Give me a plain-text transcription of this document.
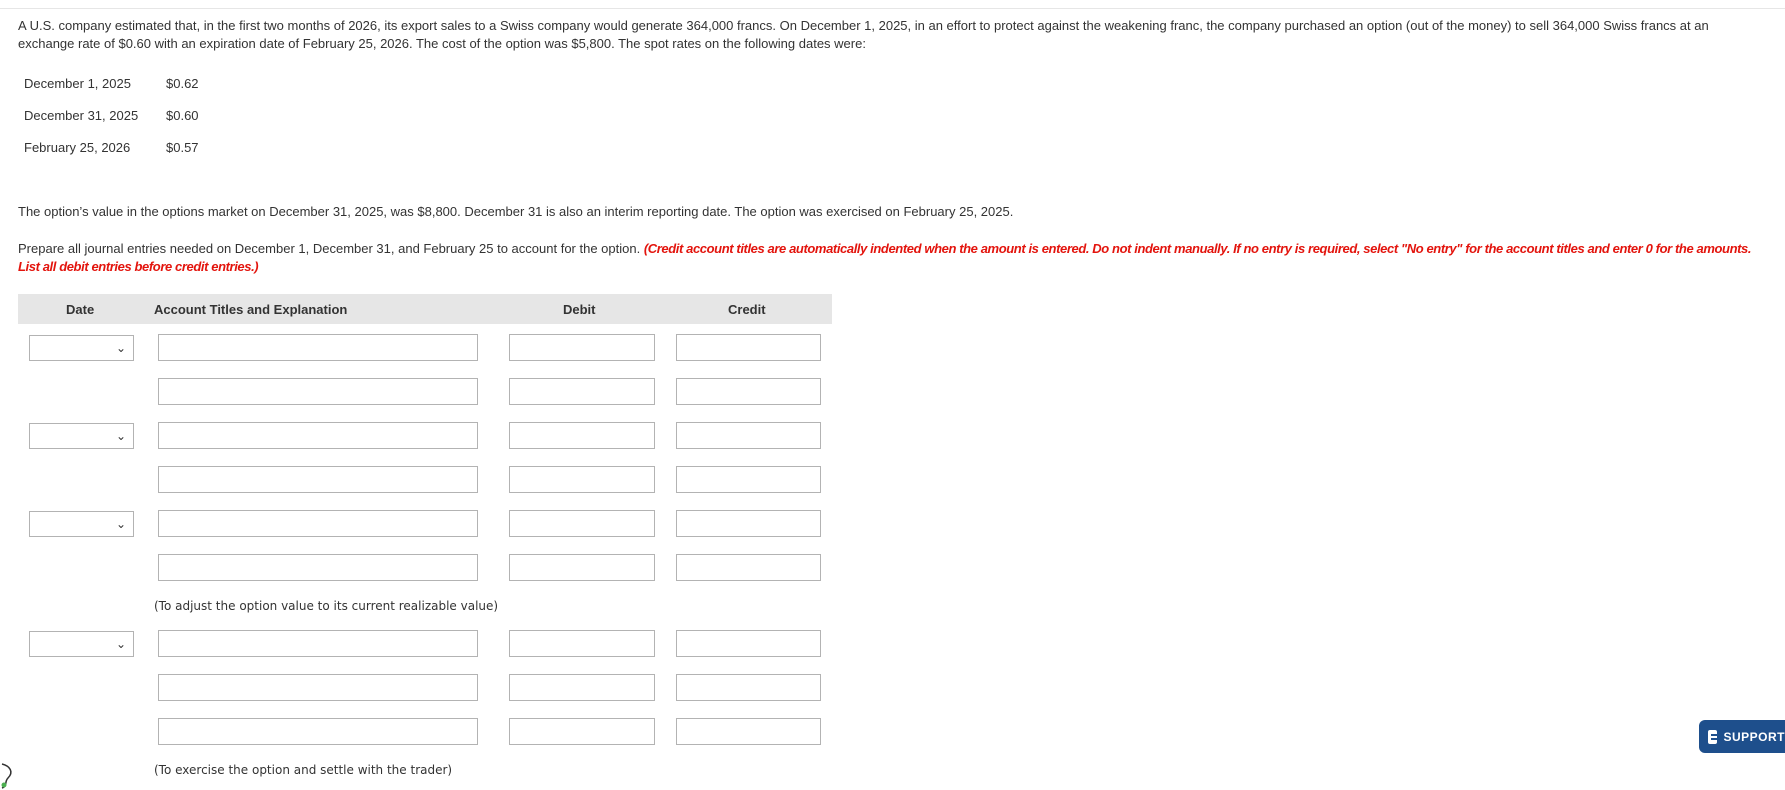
A U.S. company estimated that, in the first two months of 2026, its export sales to a Swiss company would generate 364,000 francs. On December 1, 2025, in an effort to protect against the weakening franc, the company purchased an option (out of the money) to sell 364,000 Swiss francs at an exchange rate of $0.60 with an expiration date of February 25, 2026. The cost of the option was $5,800. The spot rates on the following dates were:
December 1, 2025	$0.62
December 31, 2025	$0.60
February 25, 2026	$0.57
The option’s value in the options market on December 31, 2025, was $8,800. December 31 is also an interim reporting date. The option was exercised on February 25, 2025.
Prepare all journal entries needed on December 1, December 31, and February 25 to account for the option. (Credit account titles are automatically indented when the amount is entered. Do not indent manually. If no entry is required, select "No entry" for the account titles and enter 0 for the amounts. List all debit entries before credit entries.)
Date	Account Titles and Explanation	Debit	Credit
⌄
⌄
⌄
(To adjust the option value to its current realizable value)
⌄
(To exercise the option and settle with the trader)
SUPPORT
